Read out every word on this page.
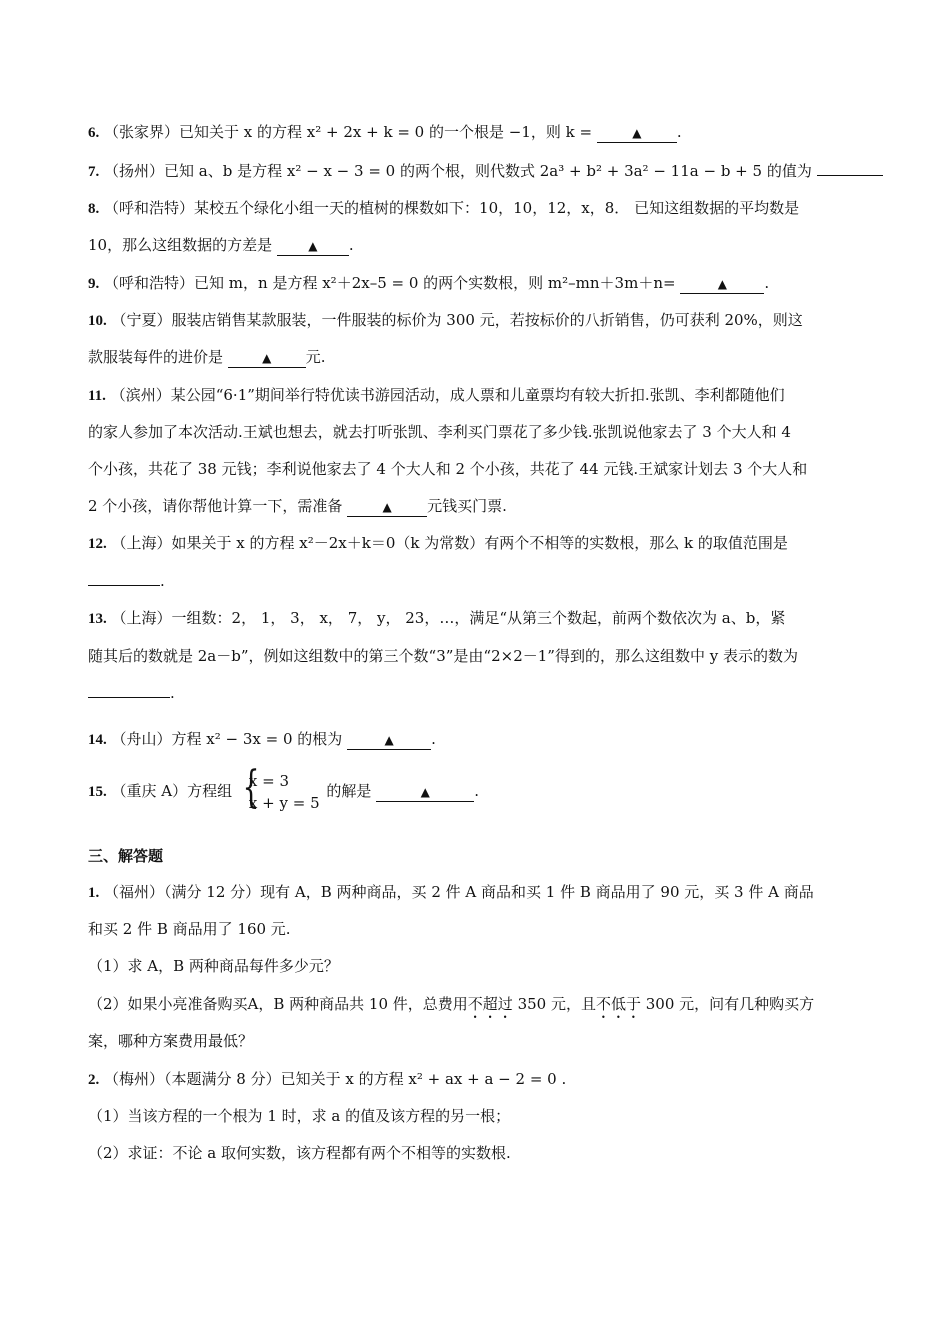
6. （张家界）已知关于 x 的方程 x² + 2x + k = 0 的一个根是 −1，则 k =	▲ .
7. （扬州）已知 a、b 是方程 x² − x − 3 = 0 的两个根，则代数式 2a³ + b² + 3a² − 11a − b + 5 的值为
8. （呼和浩特）某校五个绿化小组一天的植树的棵数如下：10，10，12，x，8． 已知这组数据的平均数是
10，那么这组数据的方差是	▲ .
9. （呼和浩特）已知 m，n 是方程 x²＋2x–5 = 0 的两个实数根，则 m²–mn＋3m＋n=	▲ .
10. （宁夏）服装店销售某款服装，一件服装的标价为 300 元，若按标价的八折销售，仍可获利 20%，则这
款服装每件的进价是	▲ 元.
11. （滨州）某公园“6·1”期间举行特优读书游园活动，成人票和儿童票均有较大折扣.张凯、李利都随他们
的家人参加了本次活动.王斌也想去，就去打听张凯、李利买门票花了多少钱.张凯说他家去了 3 个大人和 4
个小孩，共花了 38 元钱；李利说他家去了 4 个大人和 2 个小孩，共花了 44 元钱.王斌家计划去 3 个大人和
2 个小孩，请你帮他计算一下，需准备	▲ 元钱买门票.
12. （上海）如果关于 x 的方程 x²－2x＋k＝0（k 为常数）有两个不相等的实数根，那么 k 的取值范围是
.
13. （上海）一组数：2， 1， 3， x， 7， y， 23，…，满足“从第三个数起，前两个数依次为 a、b，紧
随其后的数就是 2a－b”，例如这组数中的第三个数“3”是由“2×2－1”得到的，那么这组数中 y 表示的数为
.
14. （舟山）方程 x² − 3x = 0 的根为	▲ .
15. （重庆 A）方程组 {
x = 3
x + y = 5
的解是	▲	.
三、解答题
1. （福州）（满分 12 分）现有 A，B 两种商品，买 2 件 A 商品和买 1 件 B 商品用了 90 元，买 3 件 A 商品
和买 2 件 B 商品用了 160 元.
（1）求 A，B 两种商品每件多少元？
（2）如果小亮准备购买A，B 两种商品共 10 件，总费用不超过 350 元，且不低于 300 元，问有几种购买方
案，哪种方案费用最低？
2. （梅州）（本题满分 8 分）已知关于 x 的方程 x² + ax + a − 2 = 0 .
（1）当该方程的一个根为 1 时，求 a 的值及该方程的另一根；
（2）求证：不论 a 取何实数，该方程都有两个不相等的实数根.
